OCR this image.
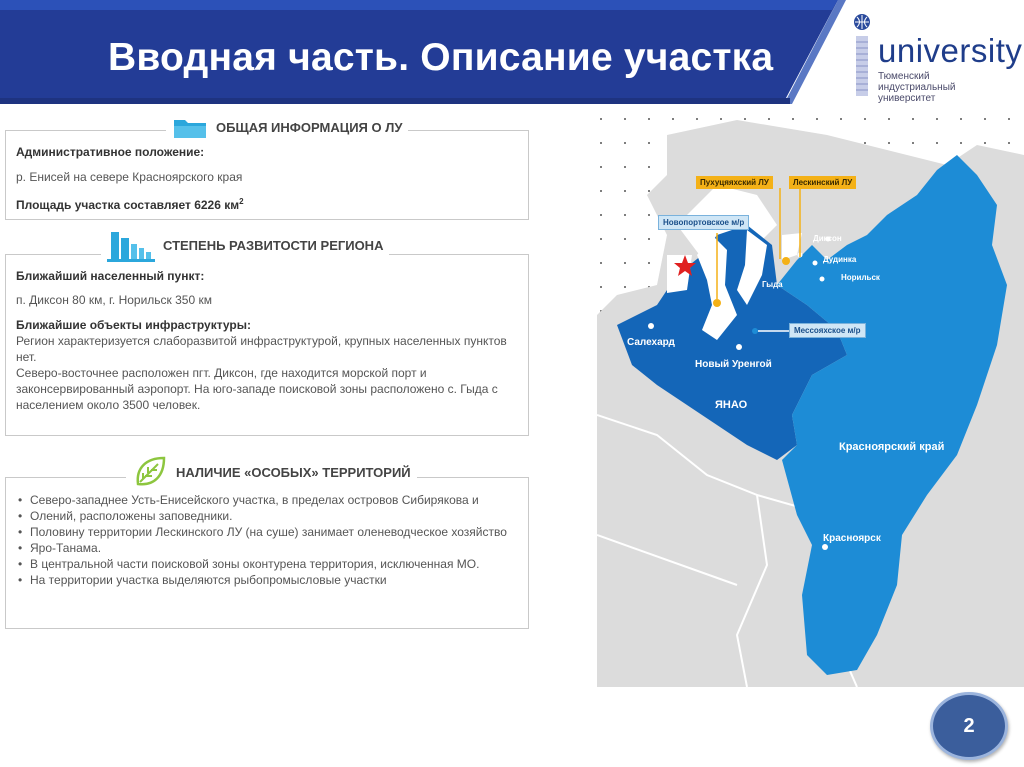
Вводная часть. Описание участка	university
Тюменский индустриальный университет
ОБЩАЯ ИНФОРМАЦИЯ О ЛУ
Административное положение:
р. Енисей на севере Красноярского края
Площадь участка составляет 6226 $км^2$
СТЕПЕНЬ РАЗВИТОСТИ РЕГИОНА
Ближайший населенный пункт:
п. Диксон 80 км, г. Норильск 350 км
Ближайшие объекты инфраструктуры:
Регион характеризуется слаборазвитой инфраструктурой, крупных населенных пунктов
нет.
Северо-восточнее расположен пгт. Диксон, где находится морской порт и
законсервированный аэропорт. На юго-западе поисковой зоны расположено с. Гыда с
населением около 3500 человек.
НАЛИЧИЕ «ОСОБЫХ» ТЕРРИТОРИЙ
• Северо-западнее Усть-Енисейского участка, в пределах островов Сибирякова и
• Олений, расположены заповедники.
• Половину территории Лескинского ЛУ (на суше) занимает оленеводческое хозяйство
• Яро-Танама.
• В центральной части поисковой зоны оконтурена территория, исключенная МО.
• На территории участка выделяются рыбопромысловые участки
Новопортовское м/р
Пухуцяяхский ЛУ	Лескинский ЛУ
Мессояхское м/р
Диксон
Дудинка
Норильск
Гыда
Салехард
Новый Уренгой
Красноярск
ЯНАО
Красноярский край
2
